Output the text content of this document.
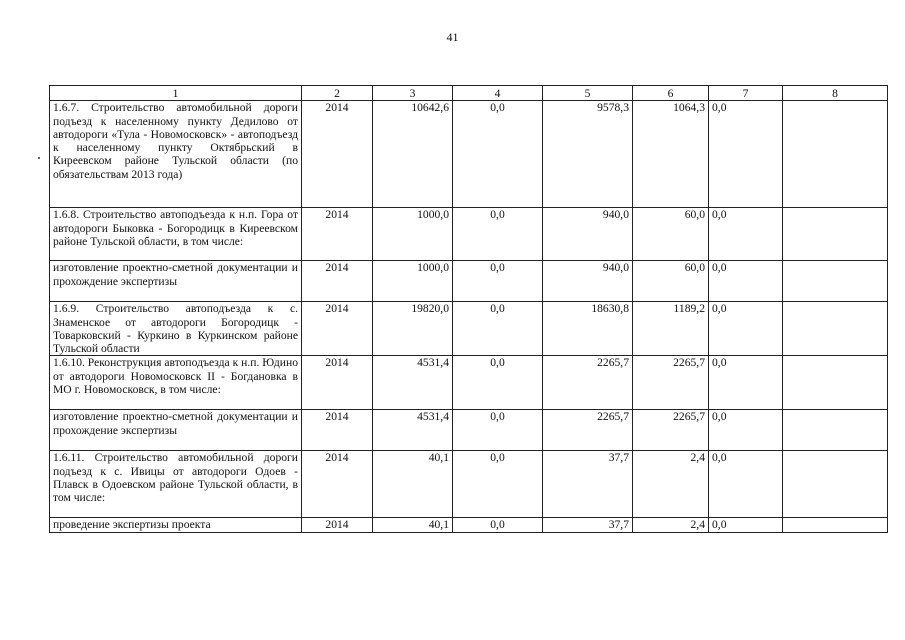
41
1	2	3	4	5	6	7	8
1.6.7. Строительство автомобильной дороги подъезд к населенному пункту Дедилово от автодороги «Тула - Новомосковск» - автоподъезд к населенному пункту Октябрьский в Киреевском районе Тульской области (по обязательствам 2013 года)	2014	10642,6	0,0	9578,3	1064,3	0,0	
1.6.8. Строительство автоподъезда к н.п. Гора от автодороги Быковка - Богородицк в Киреевском районе Тульской области, в том числе:	2014	1000,0	0,0	940,0	60,0	0,0	
изготовление проектно-сметной документации и прохождение экспертизы	2014	1000,0	0,0	940,0	60,0	0,0	
1.6.9. Строительство автоподъезда к с. Знаменское от автодороги Богородицк - Товарковский - Куркино в Куркинском районе Тульской области	2014	19820,0	0,0	18630,8	1189,2	0,0	
1.6.10. Реконструкция автоподъезда к н.п. Юдино от автодороги Новомосковск II - Богдановка в МО г. Новомосковск, в том числе:	2014	4531,4	0,0	2265,7	2265,7	0,0	
изготовление проектно-сметной документации и прохождение экспертизы	2014	4531,4	0,0	2265,7	2265,7	0,0	
1.6.11. Строительство автомобильной дороги подъезд к с. Ивицы от автодороги Одоев - Плавск в Одоевском районе Тульской области, в том числе:	2014	40,1	0,0	37,7	2,4	0,0	
проведение экспертизы проекта	2014	40,1	0,0	37,7	2,4	0,0	
